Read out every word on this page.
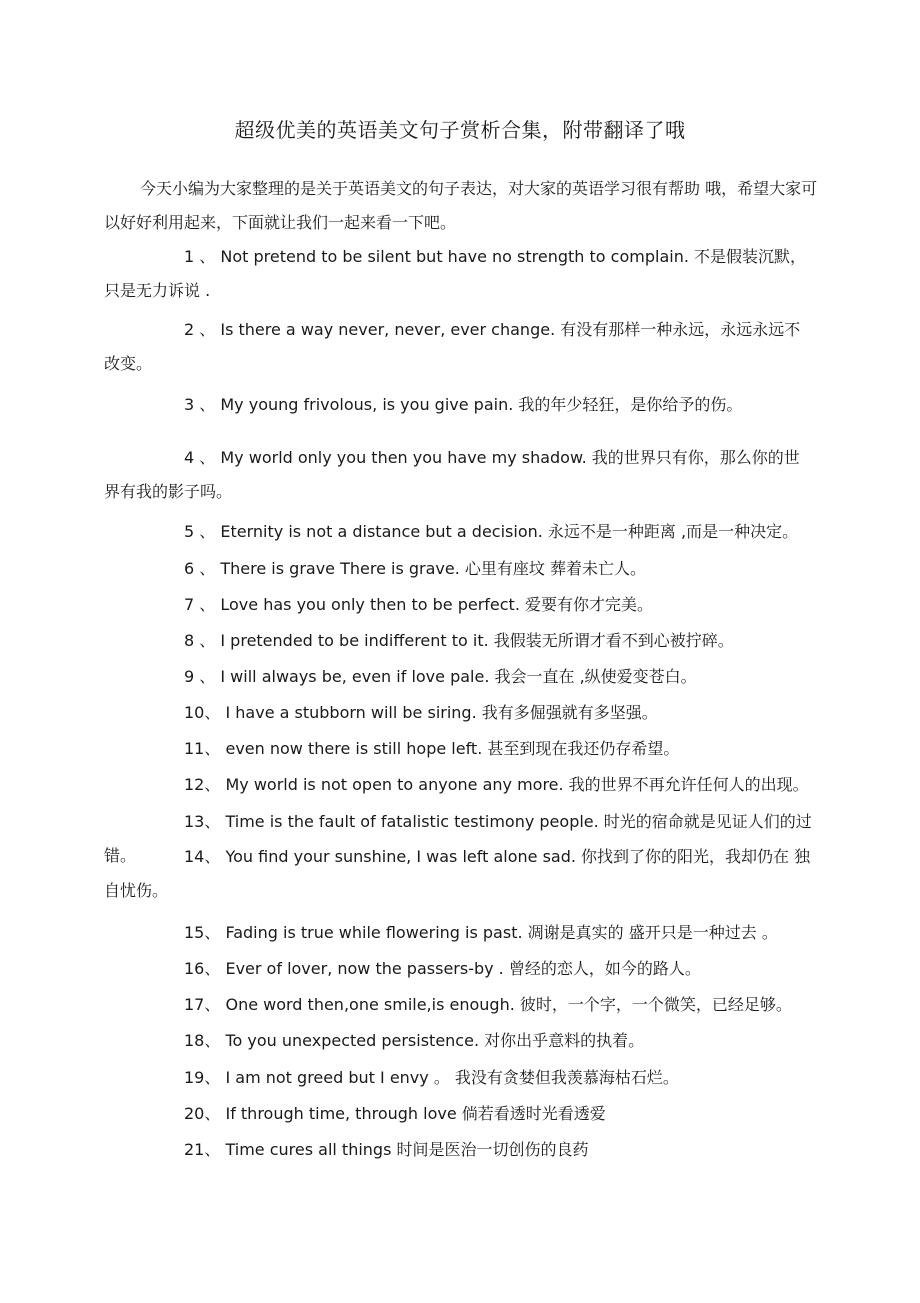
超级优美的英语美文句子赏析合集，附带翻译了哦
今天小编为大家整理的是关于英语美文的句子表达，对大家的英语学习很有帮助 哦，希望大家可以好好利用起来，下面就让我们一起来看一下吧。
1 、 Not pretend to be silent but have no strength to complain. 不是假装沉默，只是无力诉说 .
2 、 Is there a way never, never, ever change. 有没有那样一种永远，永远永远不 改变。
3 、 My young frivolous, is you give pain. 我的年少轻狂，是你给予的伤。
4 、 My world only you then you have my shadow. 我的世界只有你，那么你的世 界有我的影子吗。
5 、 Eternity is not a distance but a decision. 永远不是一种距离 ,而是一种决定。
6 、 There is grave There is grave. 心里有座坟 葬着未亡人。
7 、 Love has you only then to be perfect. 爱要有你才完美。
8 、 I pretended to be indifferent to it. 我假装无所谓才看不到心被拧碎。
9 、 I will always be, even if love pale. 我会一直在 ,纵使爱变苍白。
10、 I have a stubborn will be siring. 我有多倔强就有多坚强。
11、 even now there is still hope left. 甚至到现在我还仍存希望。
12、 My world is not open to anyone any more. 我的世界不再允许任何人的出现。
13、 Time is the fault of fatalistic testimony people. 时光的宿命就是见证人们的过 错。	14、 You find your sunshine, I was left alone sad. 你找到了你的阳光，我却仍在 独自忧伤。
15、 Fading is true while flowering is past. 凋谢是真实的 盛开只是一种过去 。
16、 Ever of lover, now the passers-by . 曾经的恋人，如今的路人。
17、 One word then,one smile,is enough. 彼时，一个字，一个微笑，已经足够。
18、 To you unexpected persistence. 对你出乎意料的执着。
19、 I am not greed but I envy 。 我没有贪婪但我羡慕海枯石烂。
20、 If through time, through love 倘若看透时光看透爱
21、 Time cures all things 时间是医治一切创伤的良药
